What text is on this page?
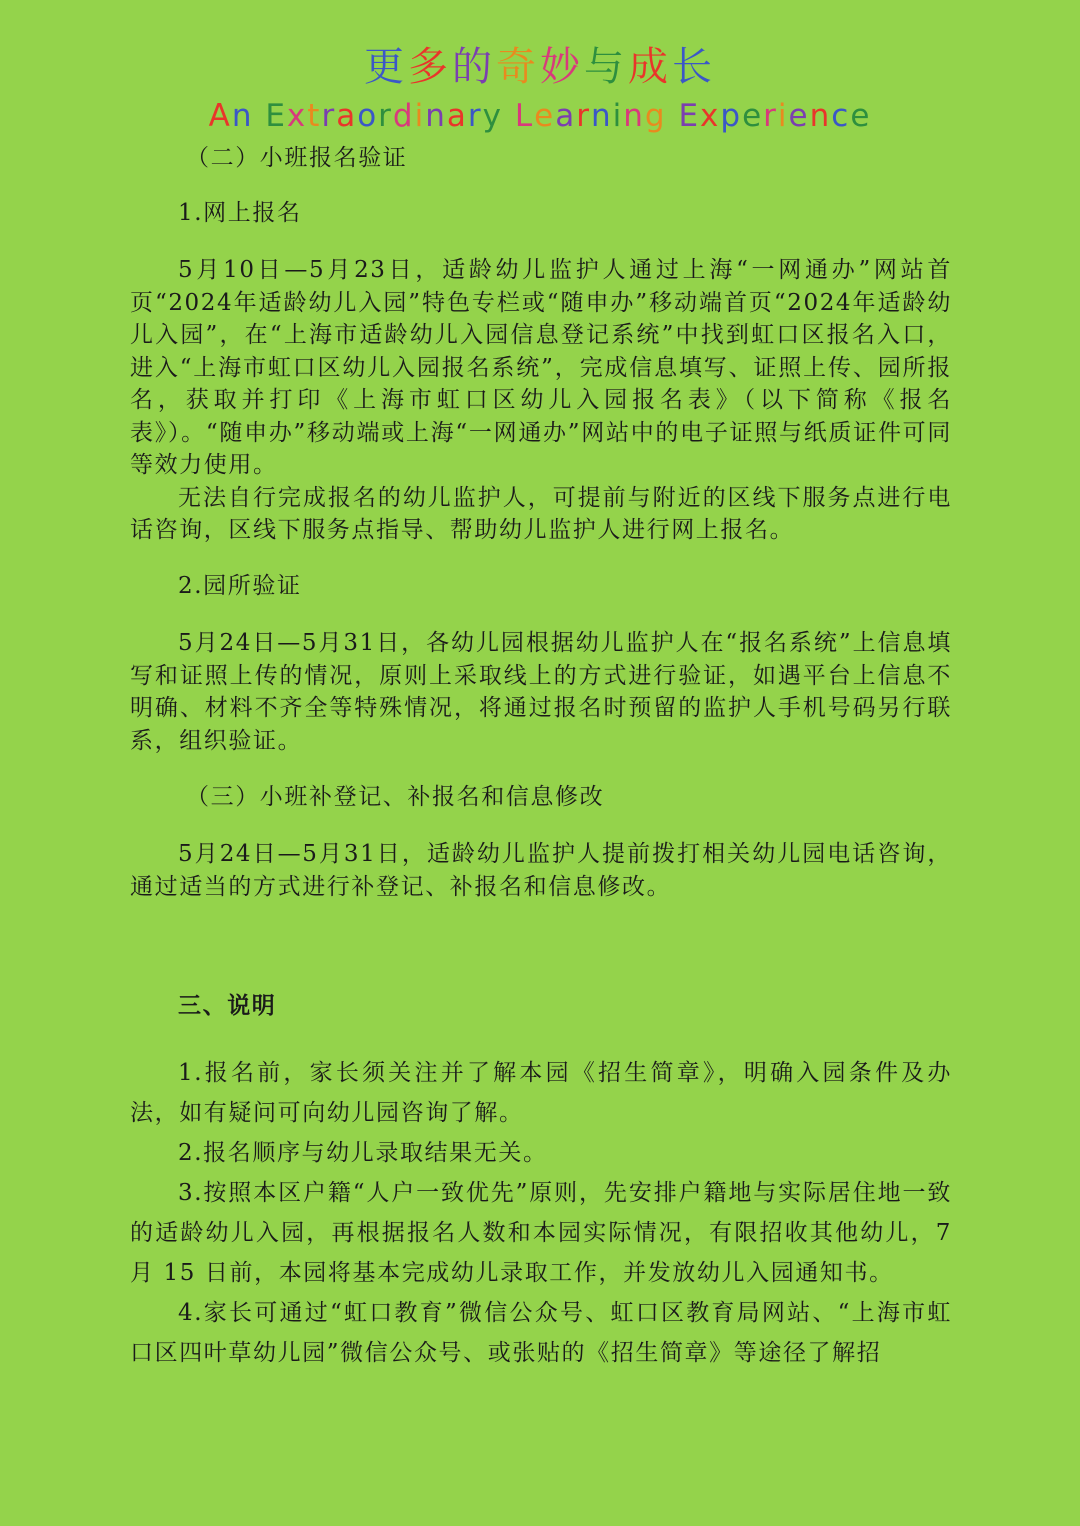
更多的奇妙与成长
An Extraordinary Learning Experience

（二）小班报名验证

1.网上报名

5月10日—5月23日，适龄幼儿监护人通过上海“一网通办”网站首页“2024年适龄幼儿入园”特色专栏或“随申办”移动端首页“2024年适龄幼儿入园”，在“上海市适龄幼儿入园信息登记系统”中找到虹口区报名入口，进入“上海市虹口区幼儿入园报名系统”，完成信息填写、证照上传、园所报名，获取并打印《上海市虹口区幼儿入园报名表》（以下简称《报名表》）。“随申办”移动端或上海“一网通办”网站中的电子证照与纸质证件可同等效力使用。

无法自行完成报名的幼儿监护人，可提前与附近的区线下服务点进行电话咨询，区线下服务点指导、帮助幼儿监护人进行网上报名。

2.园所验证

5月24日—5月31日，各幼儿园根据幼儿监护人在“报名系统”上信息填写和证照上传的情况，原则上采取线上的方式进行验证，如遇平台上信息不明确、材料不齐全等特殊情况，将通过报名时预留的监护人手机号码另行联系，组织验证。

（三）小班补登记、补报名和信息修改

5月24日—5月31日，适龄幼儿监护人提前拨打相关幼儿园电话咨询，通过适当的方式进行补登记、补报名和信息修改。

三、说明

1.报名前，家长须关注并了解本园《招生简章》，明确入园条件及办法，如有疑问可向幼儿园咨询了解。

2.报名顺序与幼儿录取结果无关。

3.按照本区户籍“人户一致优先”原则，先安排户籍地与实际居住地一致的适龄幼儿入园，再根据报名人数和本园实际情况，有限招收其他幼儿，7 月 15 日前，本园将基本完成幼儿录取工作，并发放幼儿入园通知书。

4.家长可通过“虹口教育”微信公众号、虹口区教育局网站、“上海市虹口区四叶草幼儿园”微信公众号、或张贴的《招生简章》等途径了解招
